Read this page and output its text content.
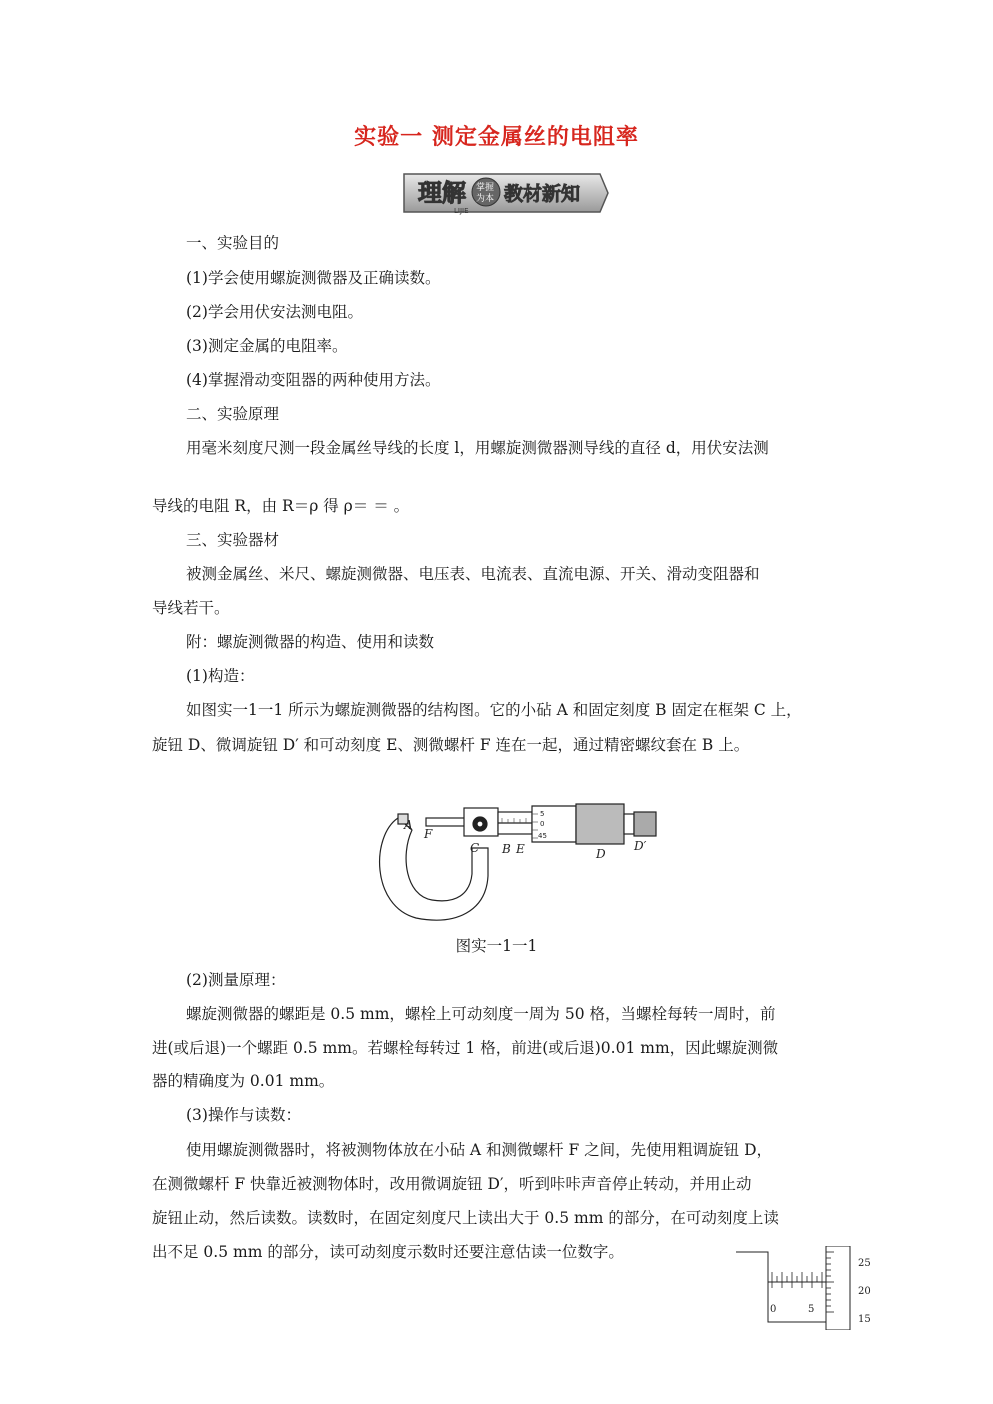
实验一 测定金属丝的电阻率
理解 掌握
为本
LIJIE
教材新知
一、实验目的
(1)学会使用螺旋测微器及正确读数。
(2)学会用伏安法测电阻。
(3)测定金属的电阻率。
(4)掌握滑动变阻器的两种使用方法。
二、实验原理
用毫米刻度尺测一段金属丝导线的长度 l，用螺旋测微器测导线的直径 d，用伏安法测
导线的电阻 R，由 R＝ρ 得 ρ＝ ＝ 。
三、实验器材
被测金属丝、米尺、螺旋测微器、电压表、电流表、直流电源、开关、滑动变阻器和
导线若干。
附：螺旋测微器的构造、使用和读数
(1)构造：
如图实一1一1 所示为螺旋测微器的结构图。它的小砧 A 和固定刻度 B 固定在框架 C 上，
旋钮 D、微调旋钮 D′ 和可动刻度 E、测微螺杆 F 连在一起，通过精密螺纹套在 B 上。
5
0
45
A
F
C B E	D
D′
图实一1一1
(2)测量原理：
螺旋测微器的螺距是 0.5 mm，螺栓上可动刻度一周为 50 格，当螺栓每转一周时，前
进(或后退)一个螺距 0.5 mm。若螺栓每转过 1 格，前进(或后退)0.01 mm，因此螺旋测微
器的精确度为 0.01 mm。
(3)操作与读数：
使用螺旋测微器时，将被测物体放在小砧 A 和测微螺杆 F 之间，先使用粗调旋钮 D，
在测微螺杆 F 快靠近被测物体时，改用微调旋钮 D′，听到咔咔声音停止转动，并用止动
旋钮止动，然后读数。读数时，在固定刻度尺上读出大于 0.5 mm 的部分，在可动刻度上读
出不足 0.5 mm 的部分，读可动刻度示数时还要注意估读一位数字。
0	5
25
20
15
